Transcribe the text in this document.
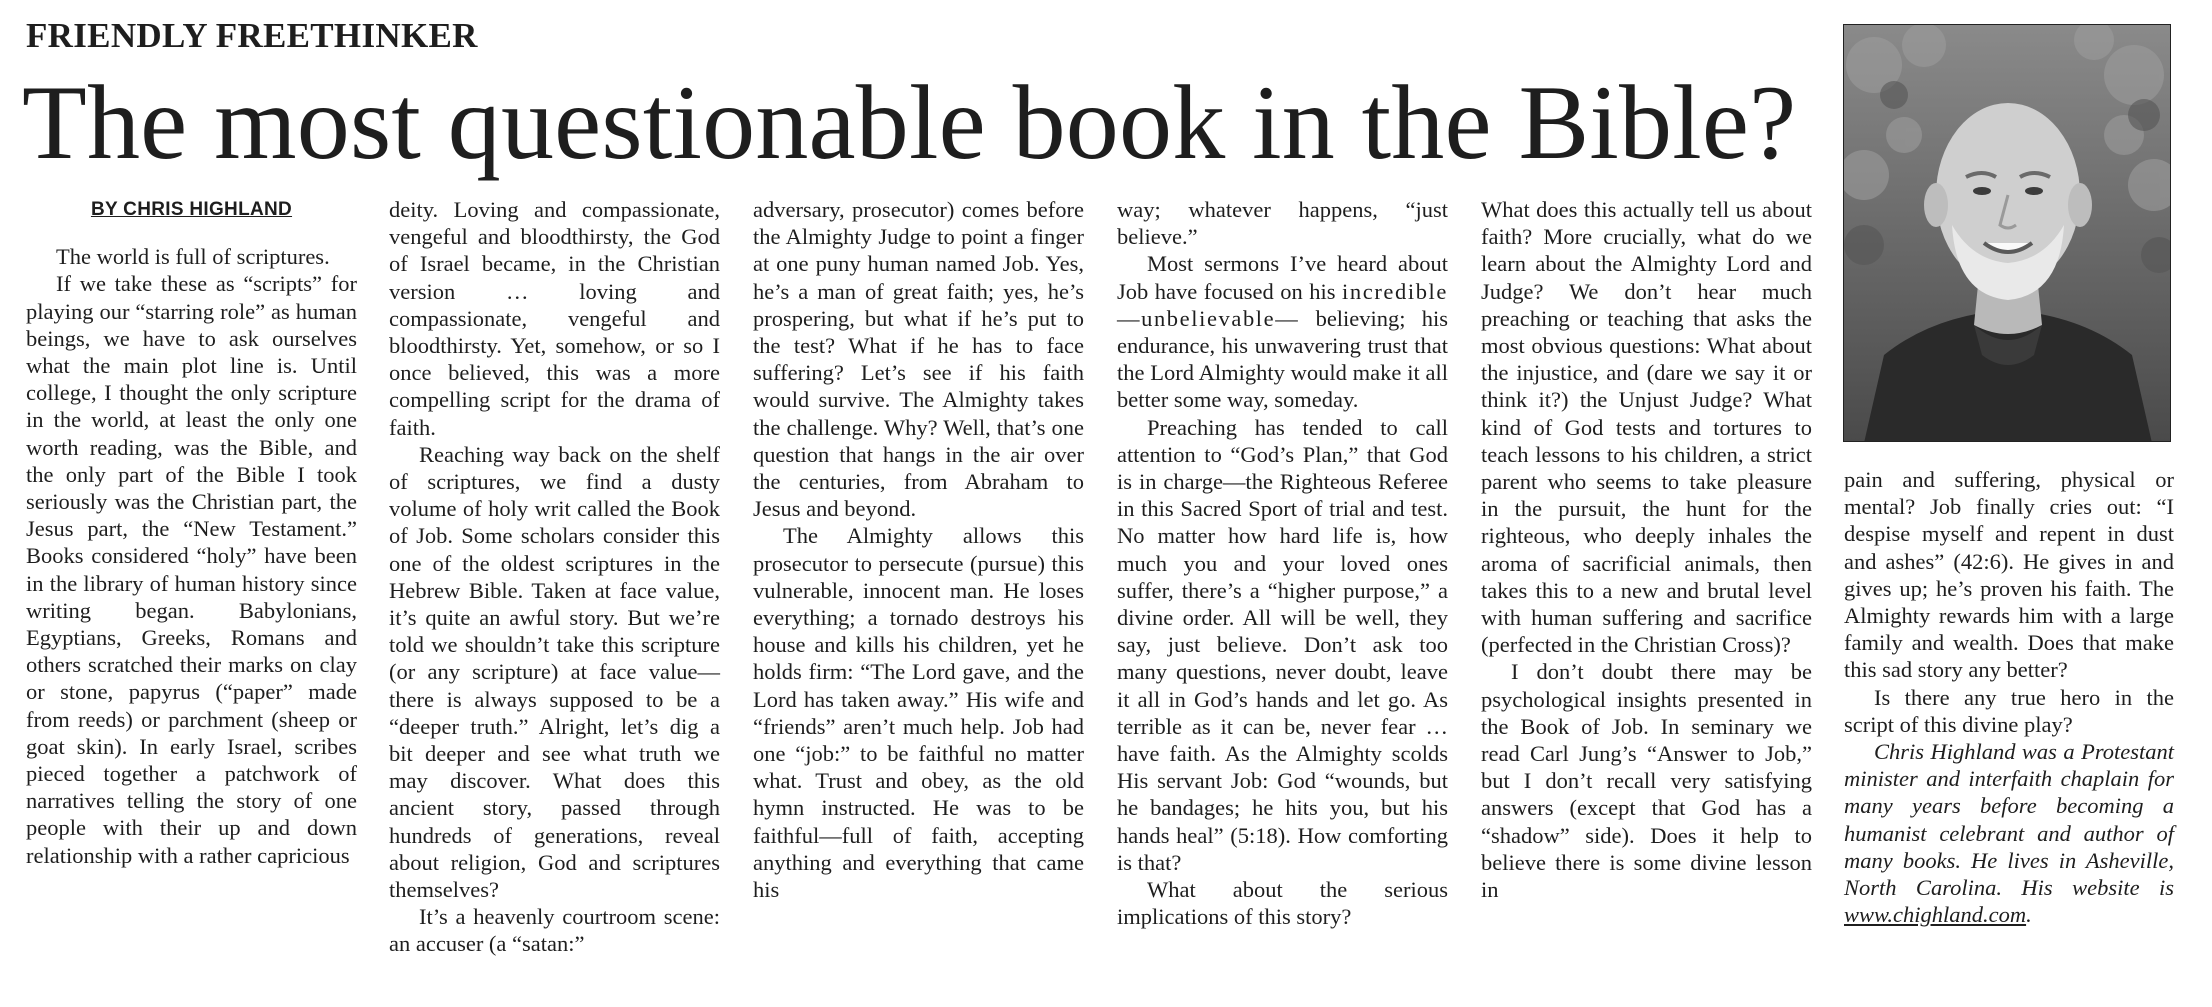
FRIENDLY FREETHINKER
The most questionable book in the Bible?
BY CHRIS HIGHLAND

The world is full of scriptures.

If we take these as “scripts” for playing our “starring role” as human beings, we have to ask ourselves what the main plot line is. Until college, I thought the only scripture in the world, at least the only one worth reading, was the Bible, and the only part of the Bible I took seriously was the Christian part, the Jesus part, the “New Testament.” Books considered “holy” have been in the library of human history since writing began. Babylonians, Egyptians, Greeks, Romans and others scratched their marks on clay or stone, papyrus (“paper” made from reeds) or parchment (sheep or goat skin). In early Israel, scribes pieced together a patchwork of narratives telling the story of one people with their up and down relationship with a rather capricious

deity. Loving and compassionate, vengeful and bloodthirsty, the God of Israel became, in the Christian version … loving and compassionate, vengeful and bloodthirsty. Yet, somehow, or so I once believed, this was a more compelling script for the drama of faith.

Reaching way back on the shelf of scriptures, we find a dusty volume of holy writ called the Book of Job. Some scholars consider this one of the oldest scriptures in the Hebrew Bible. Taken at face value, it’s quite an awful story. But we’re told we shouldn’t take this scripture (or any scripture) at face value—there is always supposed to be a “deeper truth.” Alright, let’s dig a bit deeper and see what truth we may discover. What does this ancient story, passed through hundreds of generations, reveal about religion, God and scriptures themselves?

It’s a heavenly courtroom scene: an accuser (a “satan:”

adversary, prosecutor) comes before the Almighty Judge to point a finger at one puny human named Job. Yes, he’s a man of great faith; yes, he’s prospering, but what if he’s put to the test? What if he has to face suffering? Let’s see if his faith would survive. The Almighty takes the challenge. Why? Well, that’s one question that hangs in the air over the centuries, from Abraham to Jesus and beyond.

The Almighty allows this prosecutor to persecute (pursue) this vulnerable, innocent man. He loses everything; a tornado destroys his house and kills his children, yet he holds firm: “The Lord gave, and the Lord has taken away.” His wife and “friends” aren’t much help. Job had one “job:” to be faithful no matter what. Trust and obey, as the old hymn instructed. He was to be faithful—full of faith, accepting anything and everything that came his

way; whatever happens, “just believe.”

Most sermons I’ve heard about Job have focused on his incredible—unbelievable— believing; his endurance, his unwavering trust that the Lord Almighty would make it all better some way, someday.

Preaching has tended to call attention to “God’s Plan,” that God is in charge—the Righteous Referee in this Sacred Sport of trial and test. No matter how hard life is, how much you and your loved ones suffer, there’s a “higher purpose,” a divine order. All will be well, they say, just believe. Don’t ask too many questions, never doubt, leave it all in God’s hands and let go. As terrible as it can be, never fear … have faith. As the Almighty scolds His servant Job: God “wounds, but he bandages; he hits you, but his hands heal” (5:18). How comforting is that?

What about the serious implications of this story?

What does this actually tell us about faith? More crucially, what do we learn about the Almighty Lord and Judge? We don’t hear much preaching or teaching that asks the most obvious questions: What about the injustice, and (dare we say it or think it?) the Unjust Judge? What kind of God tests and tortures to teach lessons to his children, a strict parent who seems to take pleasure in the pursuit, the hunt for the righteous, who deeply inhales the aroma of sacrificial animals, then takes this to a new and brutal level with human suffering and sacrifice (perfected in the Christian Cross)?

I don’t doubt there may be psychological insights presented in the Book of Job. In seminary we read Carl Jung’s “Answer to Job,” but I don’t recall very satisfying answers (except that God has a “shadow” side). Does it help to believe there is some divine lesson in

pain and suffering, physical or mental? Job finally cries out: “I despise myself and repent in dust and ashes” (42:6). He gives in and gives up; he’s proven his faith. The Almighty rewards him with a large family and wealth. Does that make this sad story any better?

Is there any true hero in the script of this divine play?

Chris Highland was a Protestant minister and interfaith chaplain for many years before becoming a humanist celebrant and author of many books. He lives in Asheville, North Carolina. His website is www.chighland.com.
